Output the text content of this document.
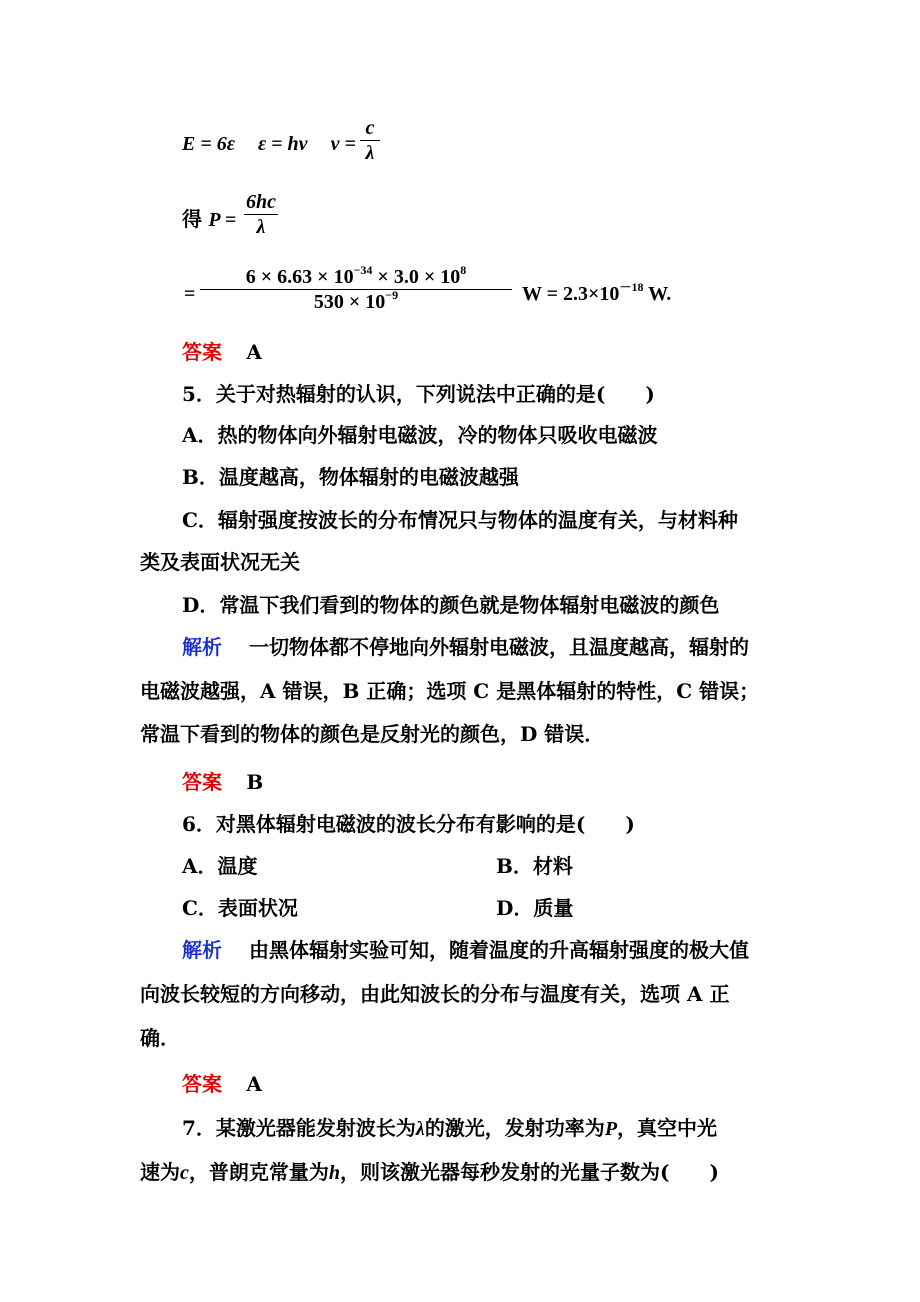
E = 6ε ε = hν ν =
c
λ
得 P =
6hc
λ
=
$6 \times 6.63 \times 10^{-34} \times 3.0 \times 10^8$
$530 \times 10^{-9}$	$W = 2.3\times 10^{-18}$ W.
答案 A
5．关于对热辐射的认识，下列说法中正确的是(　　)
A．热的物体向外辐射电磁波，冷的物体只吸收电磁波
B．温度越高，物体辐射的电磁波越强
C．辐射强度按波长的分布情况只与物体的温度有关，与材料种
类及表面状况无关
D．常温下我们看到的物体的颜色就是物体辐射电磁波的颜色
解析 一切物体都不停地向外辐射电磁波，且温度越高，辐射的
电磁波越强，A 错误，B 正确；选项 C 是黑体辐射的特性，C 错误；
常温下看到的物体的颜色是反射光的颜色，D 错误．
答案 B
6．对黑体辐射电磁波的波长分布有影响的是(　　)
A．温度	B．材料
C．表面状况	D．质量
解析 由黑体辐射实验可知，随着温度的升高辐射强度的极大值
向波长较短的方向移动，由此知波长的分布与温度有关，选项 A 正
确．
答案 A
7．某激光器能发射波长为λ的激光，发射功率为P，真空中光
速为c，普朗克常量为h，则该激光器每秒发射的光量子数为(　　)
